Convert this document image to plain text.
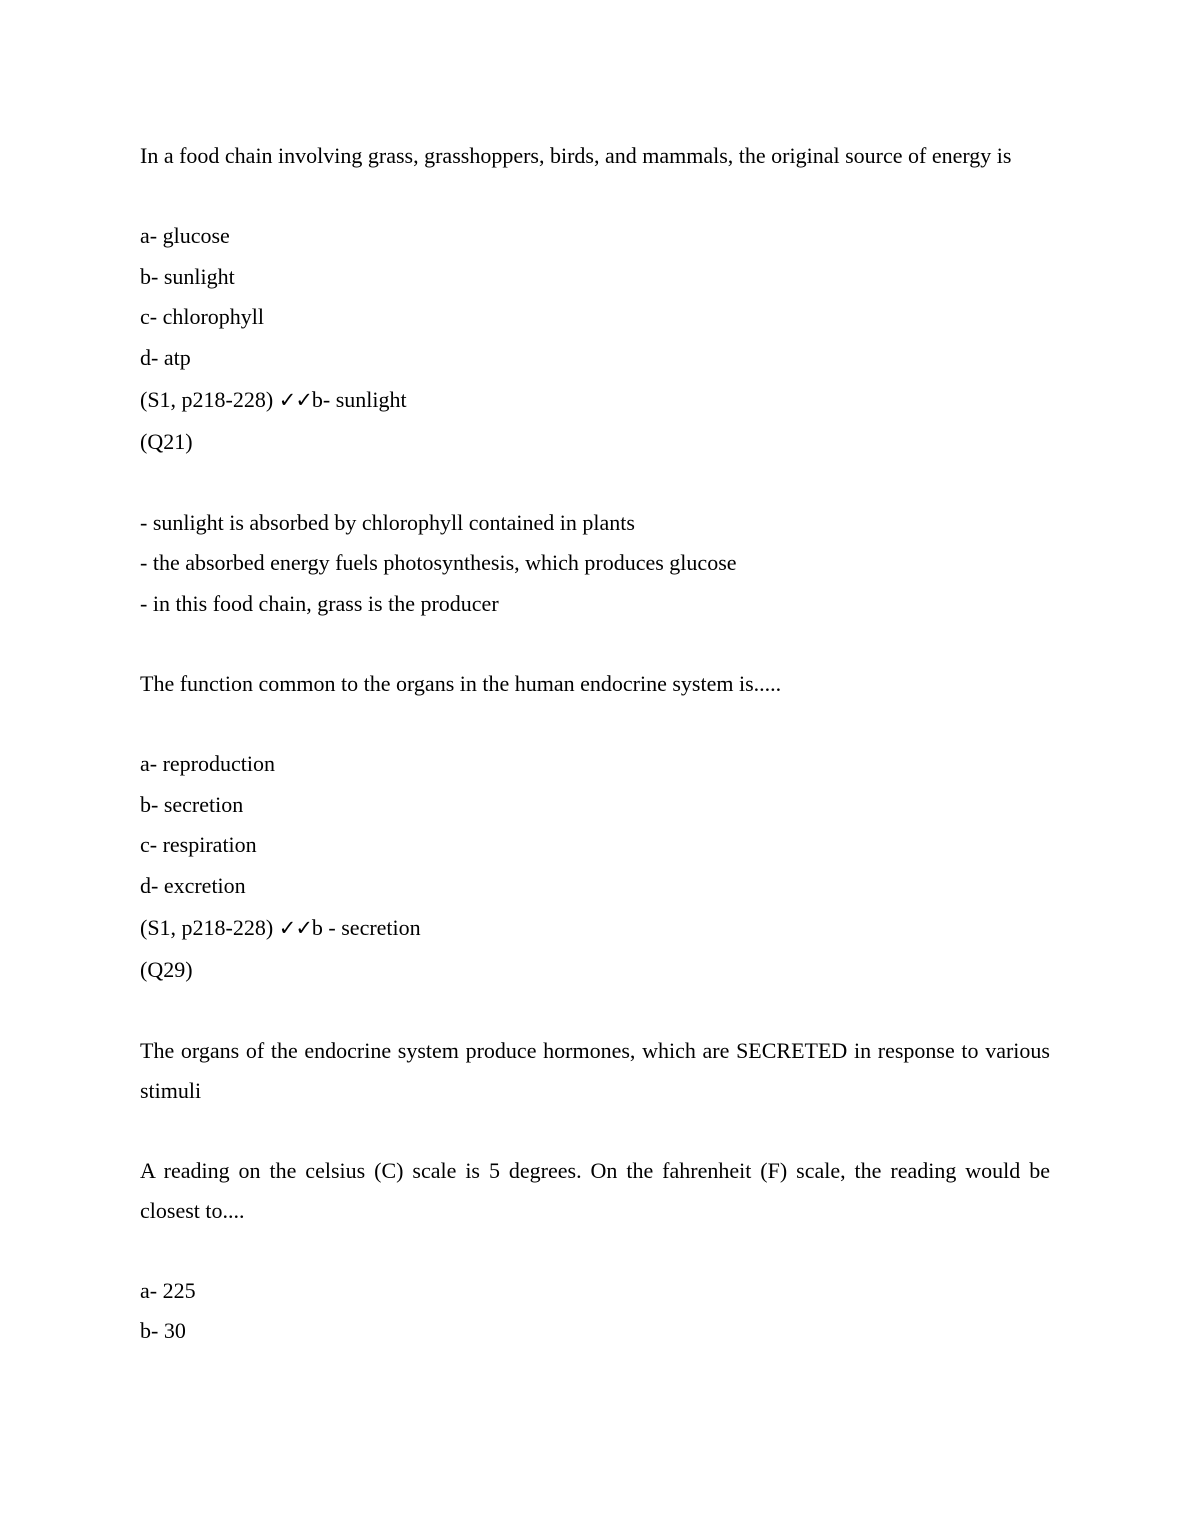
In a food chain involving grass, grasshoppers, birds, and mammals, the original source of energy is

a- glucose

b- sunlight

c- chlorophyll

d- atp

(S1, p218-228) ✓✓b- sunlight

(Q21)

- sunlight is absorbed by chlorophyll contained in plants

- the absorbed energy fuels photosynthesis, which produces glucose

- in this food chain, grass is the producer

The function common to the organs in the human endocrine system is.....

a- reproduction

b- secretion

c- respiration

d- excretion

(S1, p218-228) ✓✓b - secretion

(Q29)

The organs of the endocrine system produce hormones, which are SECRETED in response to various stimuli

A reading on the celsius (C) scale is 5 degrees. On the fahrenheit (F) scale, the reading would be closest to....

a- 225

b- 30
